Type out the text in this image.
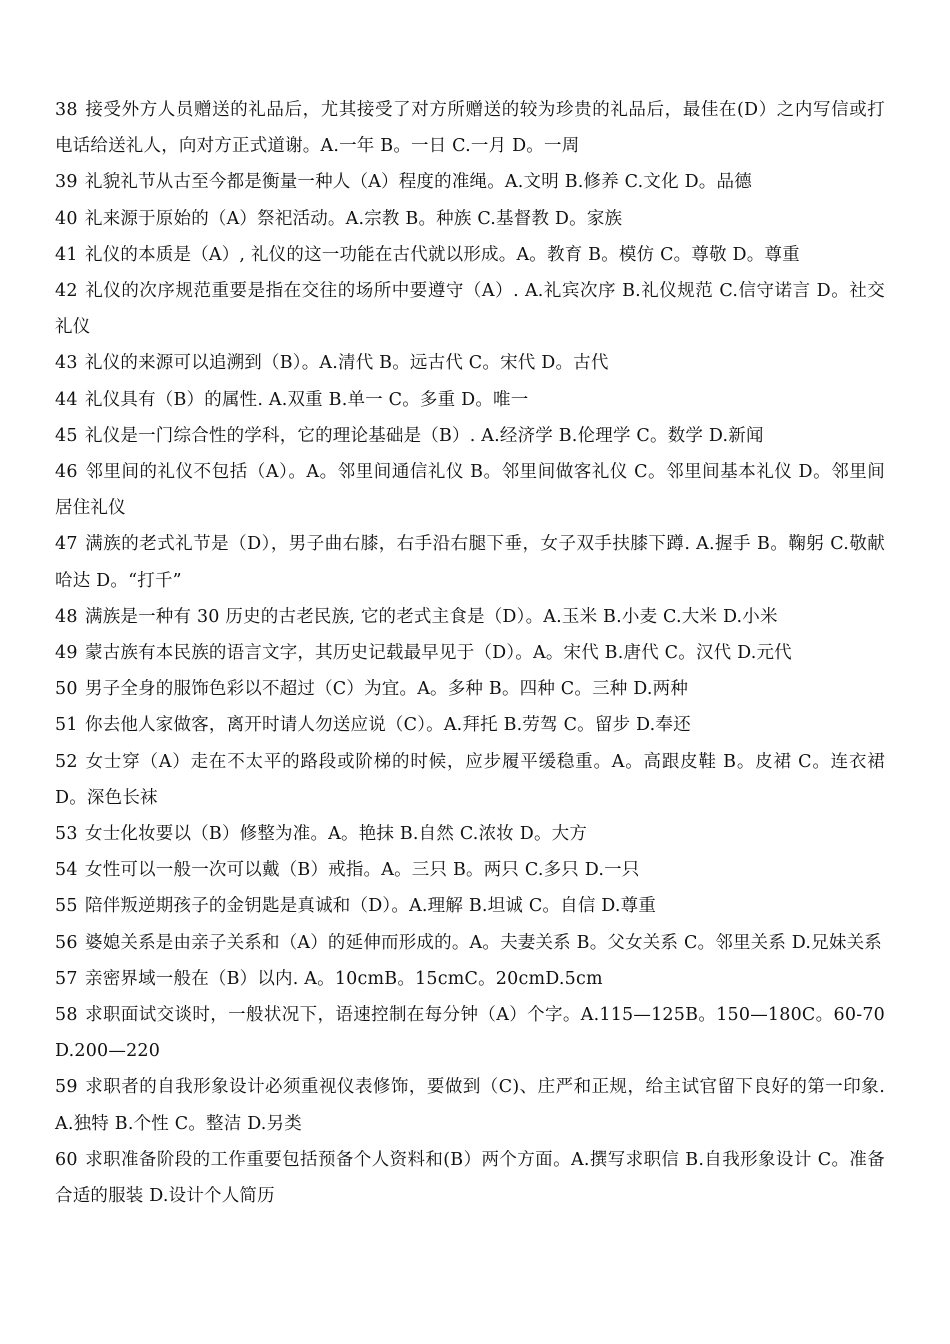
38 接受外方人员赠送的礼品后，尤其接受了对方所赠送的较为珍贵的礼品后，最佳在(D）之内写信或打电话给送礼人，向对方正式道谢。A.一年 B。一日 C.一月 D。一周

39 礼貌礼节从古至今都是衡量一种人（A）程度的准绳。A.文明 B.修养 C.文化 D。品德

40 礼来源于原始的（A）祭祀活动。A.宗教 B。种族 C.基督教 D。家族

41 礼仪的本质是（A）, 礼仪的这一功能在古代就以形成。A。教育 B。模仿 C。尊敬 D。尊重

42 礼仪的次序规范重要是指在交往的场所中要遵守（A）. A.礼宾次序 B.礼仪规范 C.信守诺言 D。社交礼仪

43 礼仪的来源可以追溯到（B）。A.清代 B。远古代 C。宋代 D。古代

44 礼仪具有（B）的属性. A.双重 B.单一 C。多重 D。唯一

45 礼仪是一门综合性的学科，它的理论基础是（B）. A.经济学 B.伦理学 C。数学 D.新闻

46 邻里间的礼仪不包括（A）。A。邻里间通信礼仪 B。邻里间做客礼仪 C。邻里间基本礼仪 D。邻里间居住礼仪

47 满族的老式礼节是（D），男子曲右膝，右手沿右腿下垂，女子双手扶膝下蹲. A.握手 B。鞠躬 C.敬献哈达 D。“打千”

48 满族是一种有 30 历史的古老民族, 它的老式主食是（D）。A.玉米 B.小麦 C.大米 D.小米

49 蒙古族有本民族的语言文字，其历史记载最早见于（D）。A。宋代 B.唐代 C。汉代 D.元代

50 男子全身的服饰色彩以不超过（C）为宜。A。多种 B。四种 C。三种 D.两种

51 你去他人家做客，离开时请人勿送应说（C）。A.拜托 B.劳驾 C。留步 D.奉还

52 女士穿（A）走在不太平的路段或阶梯的时候，应步履平缓稳重。A。高跟皮鞋 B。皮裙 C。连衣裙 D。深色长袜

53 女士化妆要以（B）修整为准。A。艳抹 B.自然 C.浓妆 D。大方

54 女性可以一般一次可以戴（B）戒指。A。三只 B。两只 C.多只 D.一只

55 陪伴叛逆期孩子的金钥匙是真诚和（D）。A.理解 B.坦诚 C。自信 D.尊重

56 婆媳关系是由亲子关系和（A）的延伸而形成的。A。夫妻关系 B。父女关系 C。邻里关系 D.兄妹关系

57 亲密界域一般在（B）以内. A。10cmB。15cmC。20cmD.5cm

58 求职面试交谈时，一般状况下，语速控制在每分钟（A）个字。A.115—125B。150—180C。60-70D.200—220

59 求职者的自我形象设计必须重视仪表修饰，要做到（C)、庄严和正规，给主试官留下良好的第一印象. A.独特 B.个性 C。整洁 D.另类

60 求职准备阶段的工作重要包括预备个人资料和(B）两个方面。A.撰写求职信 B.自我形象设计 C。准备合适的服装 D.设计个人简历
